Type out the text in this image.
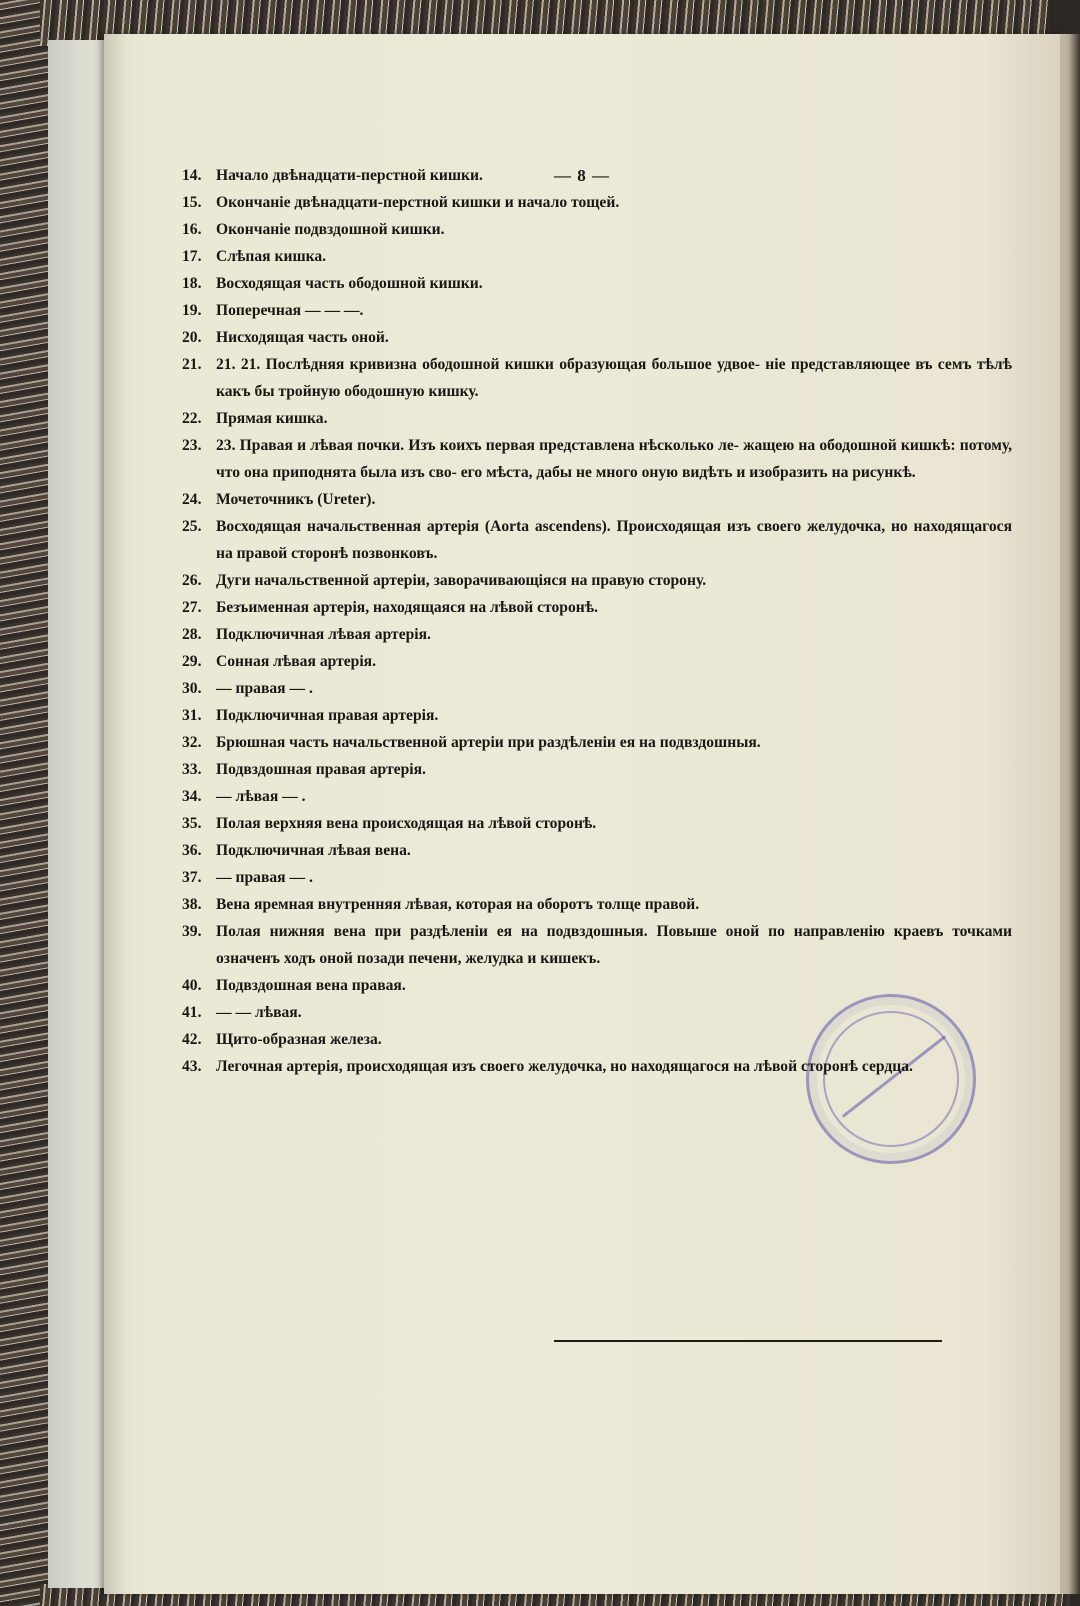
— 8 —
14. Начало двѣнадцати-перстной кишки.
15. Окончаніе двѣнадцати-перстной кишки и начало тощей.
16. Окончаніе подвздошной кишки.
17. Слѣпая кишка.
18. Восходящая часть ободошной кишки.
19. Поперечная — — —.
20. Нисходящая часть оной.
21. 21. 21. Послѣдняя кривизна ободошной кишки образующая большое удвое- ніе представляющее въ семъ тѣлѣ какъ бы тройную ободошную кишку.
22. Прямая кишка.
23. 23. Правая и лѣвая почки. Изъ коихъ первая представлена нѣсколько ле- жащею на ободошной кишкѣ: потому, что она приподнята была изъ сво- его мѣста, дабы не много оную видѣть и изобразить на рисункѣ.
24. Мочеточникъ (Ureter).
25. Восходящая начальственная артерія (Aorta ascendens). Происходящая изъ своего желудочка, но находящагося на правой сторонѣ позвонковъ.
26. Дуги начальственной артеріи, заворачивающіяся на правую сторону.
27. Безъименная артерія, находящаяся на лѣвой сторонѣ.
28. Подключичная лѣвая артерія.
29. Сонная лѣвая артерія.
30. — правая — .
31. Подключичная правая артерія.
32. Брюшная часть начальственной артеріи при раздѣленіи ея на подвздошныя.
33. Подвздошная правая артерія.
34. — лѣвая — .
35. Полая верхняя вена происходящая на лѣвой сторонѣ.
36. Подключичная лѣвая вена.
37. — правая — .
38. Вена яремная внутренняя лѣвая, которая на оборотъ толще правой.
39. Полая нижняя вена при раздѣленіи ея на подвздошныя. Повыше оной по направленію краевъ точками означенъ ходъ оной позади печени, желудка и кишекъ.
40. Подвздошная вена правая.
41. — — лѣвая.
42. Щито-образная железа.
43. Легочная артерія, происходящая изъ своего желудочка, но находящагося на лѣвой сторонѣ сердца.
